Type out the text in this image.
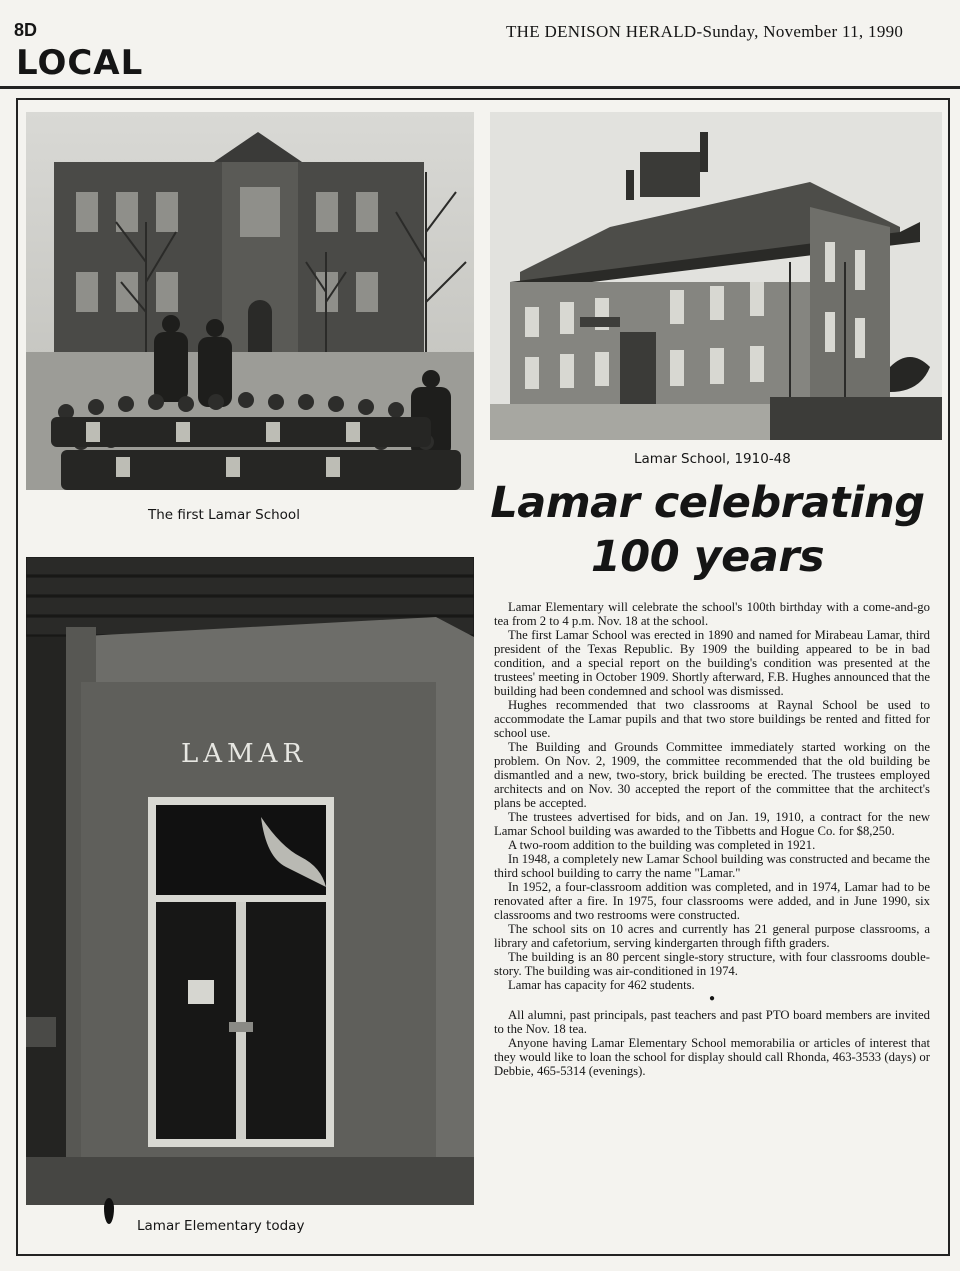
8D	THE DENISON HERALD-Sunday, November 11, 1990
LOCAL
The first Lamar School
Lamar School, 1910-48
Lamar celebrating
100 years
LAMAR
Lamar Elementary today

Lamar Elementary will celebrate the school's 100th birthday with a come-and-go tea from 2 to 4 p.m. Nov. 18 at the school.

The first Lamar School was erected in 1890 and named for Mirabeau Lamar, third president of the Texas Republic. By 1909 the building appeared to be in bad condition, and a special report on the building's condition was presented at the trustees' meeting in October 1909. Shortly afterward, F.B. Hughes announced that the building had been condemned and school was dismissed.

Hughes recommended that two classrooms at Raynal School be used to accommodate the Lamar pupils and that two store buildings be rented and fitted for school use.

The Building and Grounds Committee immediately started working on the problem. On Nov. 2, 1909, the committee recommended that the old building be dismantled and a new, two-story, brick building be erected. The trustees employed architects and on Nov. 30 accepted the report of the committee that the architect's plans be accepted.

The trustees advertised for bids, and on Jan. 19, 1910, a contract for the new Lamar School building was awarded to the Tibbetts and Hogue Co. for $8,250.

A two-room addition to the building was completed in 1921.

In 1948, a completely new Lamar School building was constructed and became the third school building to carry the name "Lamar."

In 1952, a four-classroom addition was completed, and in 1974, Lamar had to be renovated after a fire. In 1975, four classrooms were added, and in June 1990, six classrooms and two restrooms were constructed.

The school sits on 10 acres and currently has 21 general purpose classrooms, a library and cafetorium, serving kindergarten through fifth graders.

The building is an 80 percent single-story structure, with four classrooms double-story. The building was air-conditioned in 1974.

Lamar has capacity for 462 students.

●

All alumni, past principals, past teachers and past PTO board members are invited to the Nov. 18 tea.

Anyone having Lamar Elementary School memorabilia or articles of interest that they would like to loan the school for display should call Rhonda, 463-3533 (days) or Debbie, 465-5314 (evenings).
